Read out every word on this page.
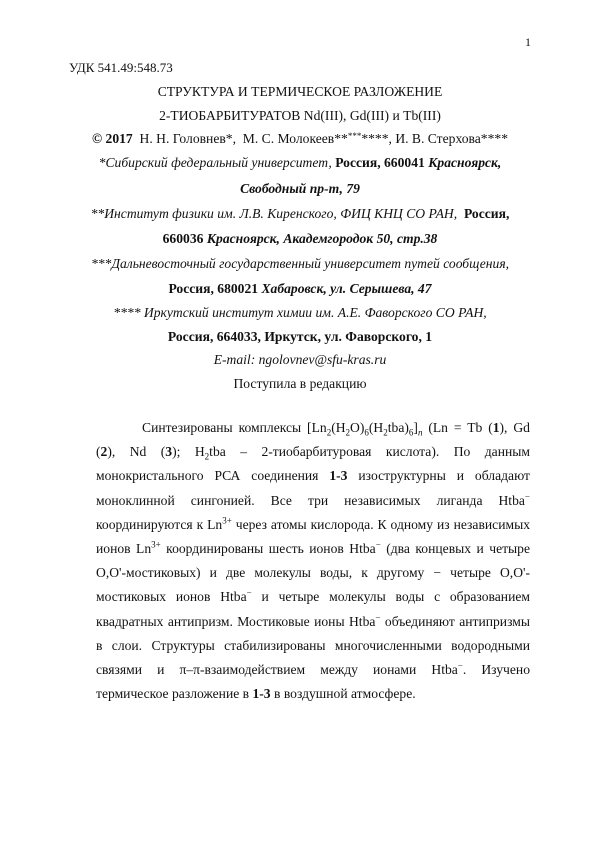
1
УДК 541.49:548.73
СТРУКТУРА И ТЕРМИЧЕСКОЕ РАЗЛОЖЕНИЕ
2-ТИОБАРБИТУРАТОВ Nd(III), Gd(III) и Tb(III)
© 2017 Н. Н. Головнев*, М. С. Молокеев*********, И. В. Стерхова****
*Сибирский федеральный университет, Россия, 660041 Красноярск,
Свободный пр-т, 79
**Институт физики им. Л.В. Киренского, ФИЦ КНЦ СО РАН, Россия,
660036 Красноярск, Академгородок 50, стр.38
***Дальневосточный государственный университет путей сообщения,
Россия, 680021 Хабаровск, ул. Серышева, 47
**** Иркутский институт химии им. А.Е. Фаворского СО РАН,
Россия, 664033, Иркутск, ул. Фаворского, 1
E-mail: ngolovnev@sfu-kras.ru
Поступила в редакцию
Синтезированы комплексы $[Ln_2(H_2O)_6(H_2tba)_6]_n$ (Ln = Tb (1), Gd (2), Nd (3); $H_2tba$ – 2-тиобарбитуровая кислота). По данным монокристального РСА соединения 1-3 изоструктурны и обладают моноклинной сингонией. Все три независимых лиганда Htba− координируются к $Ln^{3+}$ через атомы кислорода. К одному из независимых ионов $Ln^{3+}$ координированы шесть ионов Htba− (два концевых и четыре O,O'-мостиковых) и две молекулы воды, к другому − четыре O,O'-мостиковых ионов Htba− и четыре молекулы воды с образованием квадратных антипризм. Мостиковые ионы Htba− объединяют антипризмы в слои. Структуры стабилизированы многочисленными водородными связями и π–π-взаимодействием между ионами Htba−. Изучено термическое разложение в 1-3 в воздушной атмосфере.
